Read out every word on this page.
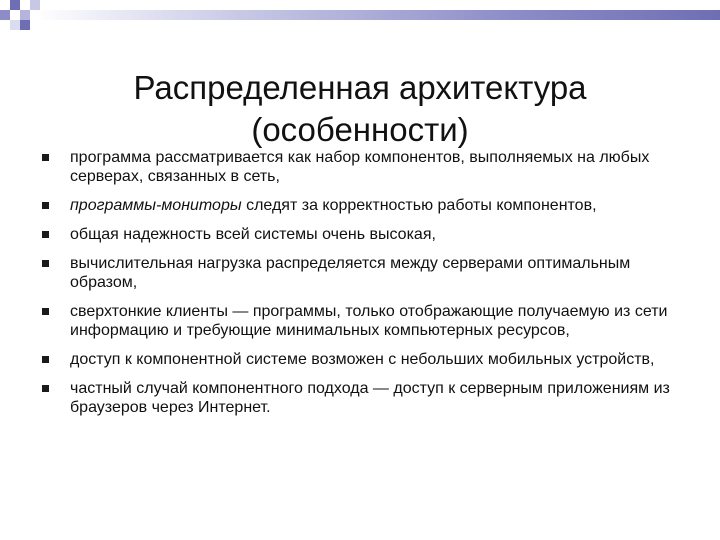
Распределенная архитектура
(особенности)
программа рассматривается как набор компонентов, выполняемых на любых серверах, связанных в сеть,
программы-мониторы следят за корректностью работы компонентов,
общая надежность всей системы очень высокая,
вычислительная нагрузка распределяется между серверами оптимальным образом,
сверхтонкие клиенты — программы, только отображающие получаемую из сети информацию и требующие минимальных компьютерных ресурсов,
доступ к компонентной системе возможен с небольших мобильных устройств,
частный случай компонентного подхода — доступ к серверным приложениям из браузеров через Интернет.
